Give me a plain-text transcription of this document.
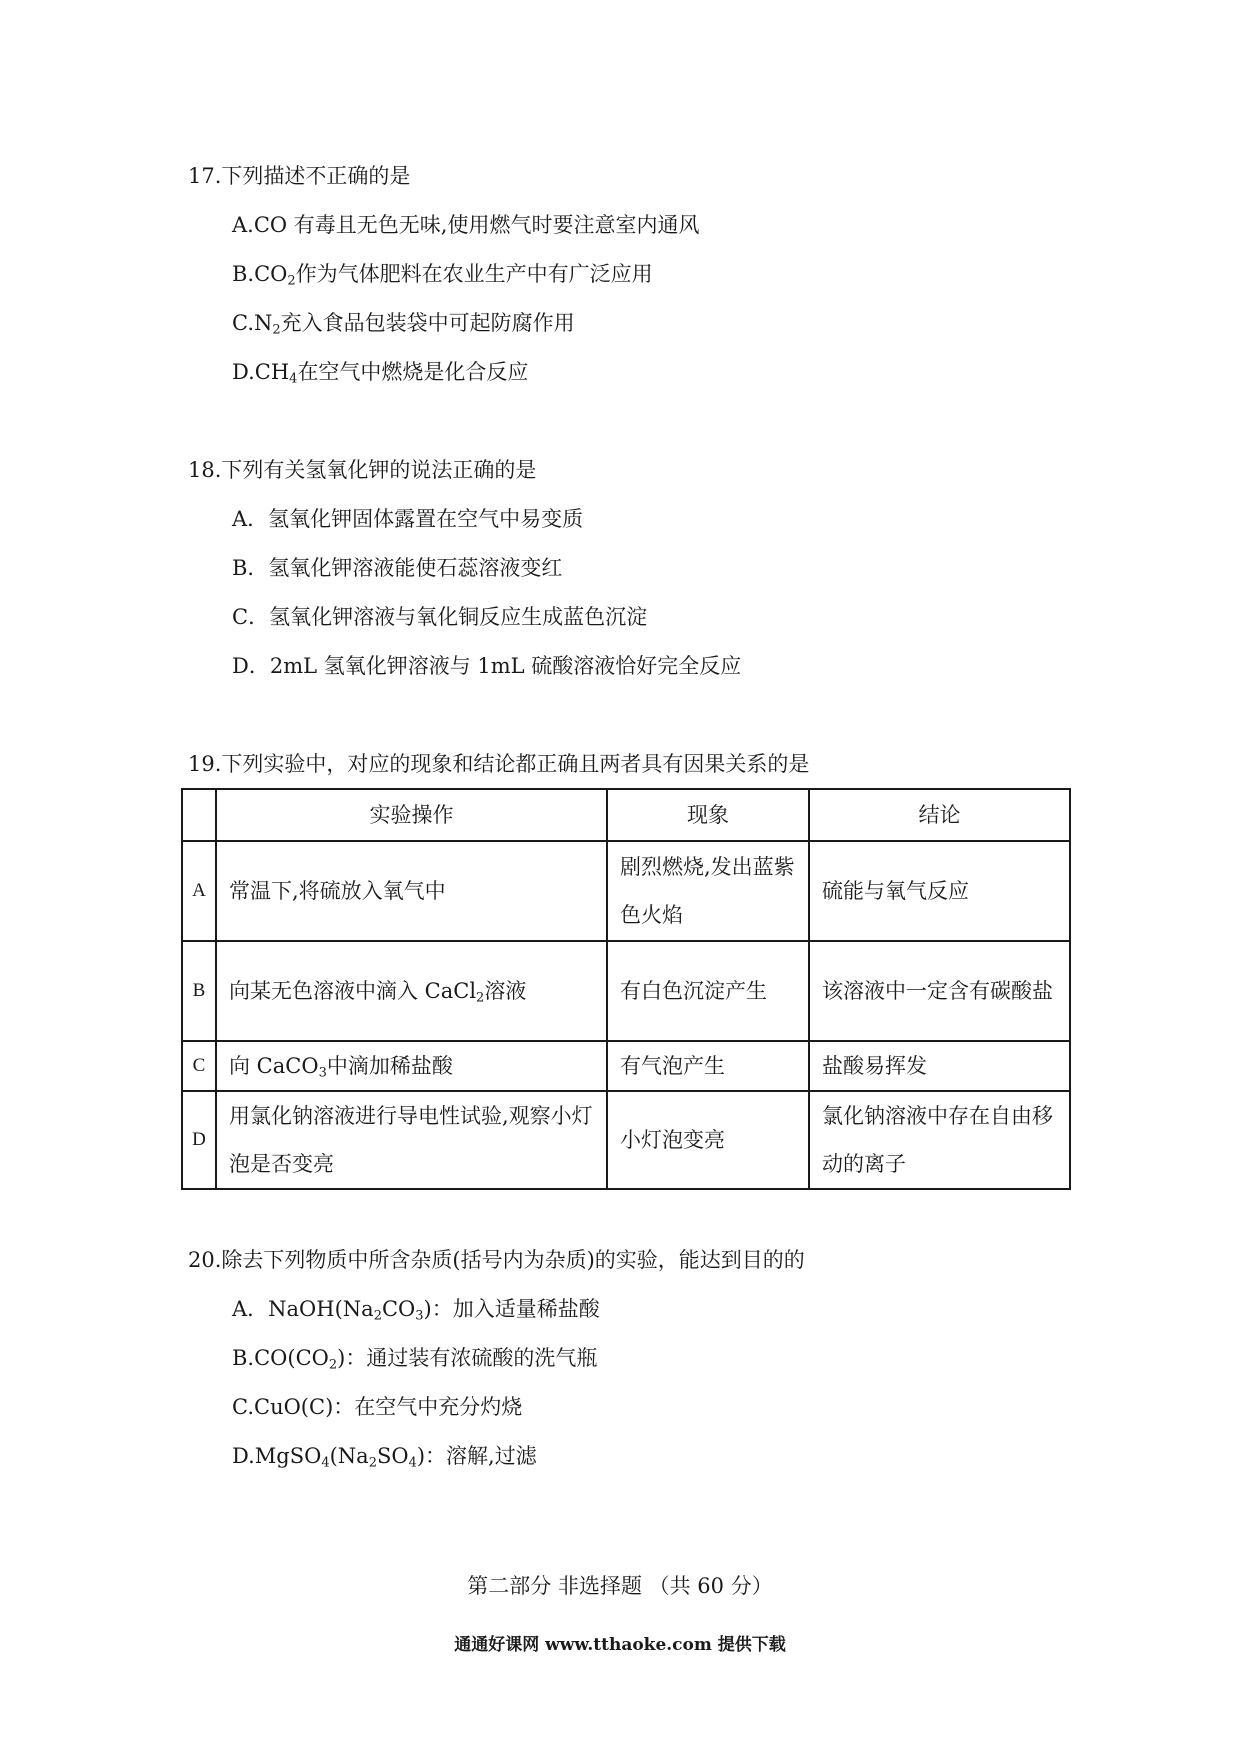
17.下列描述不正确的是
A.CO 有毒且无色无味,使用燃气时要注意室内通风
$B.CO_2$作为气体肥料在农业生产中有广泛应用
$C.N_2$充入食品包装袋中可起防腐作用
$D.CH_4$在空气中燃烧是化合反应
18.下列有关氢氧化钾的说法正确的是
A．氢氧化钾固体露置在空气中易变质
B．氢氧化钾溶液能使石蕊溶液变红
C．氢氧化钾溶液与氧化铜反应生成蓝色沉淀
D．2mL 氢氧化钾溶液与 1mL 硫酸溶液恰好完全反应
19.下列实验中，对应的现象和结论都正确且两者具有因果关系的是
	实验操作	现象	结论
A	常温下,将硫放入氧气中	剧烈燃烧,发出蓝紫色火焰	硫能与氧气反应
B	向某无色溶液中滴入 CaCl$_2$溶液	有白色沉淀产生	该溶液中一定含有碳酸盐
C	向 CaCO$_3$中滴加稀盐酸	有气泡产生	盐酸易挥发
D	用氯化钠溶液进行导电性试验,观察小灯泡是否变亮	小灯泡变亮	氯化钠溶液中存在自由移动的离子
20.除去下列物质中所含杂质(括号内为杂质)的实验，能达到目的的
A．$NaOH(Na_2CO_3)$：加入适量稀盐酸
$B.CO(CO_2)$：通过装有浓硫酸的洗气瓶
C.CuO(C)：在空气中充分灼烧
$D.MgSO_4(Na_2SO_4)$：溶解,过滤
第二部分 非选择题 （共 60 分）
通通好课网 www.tthaoke.com 提供下载
